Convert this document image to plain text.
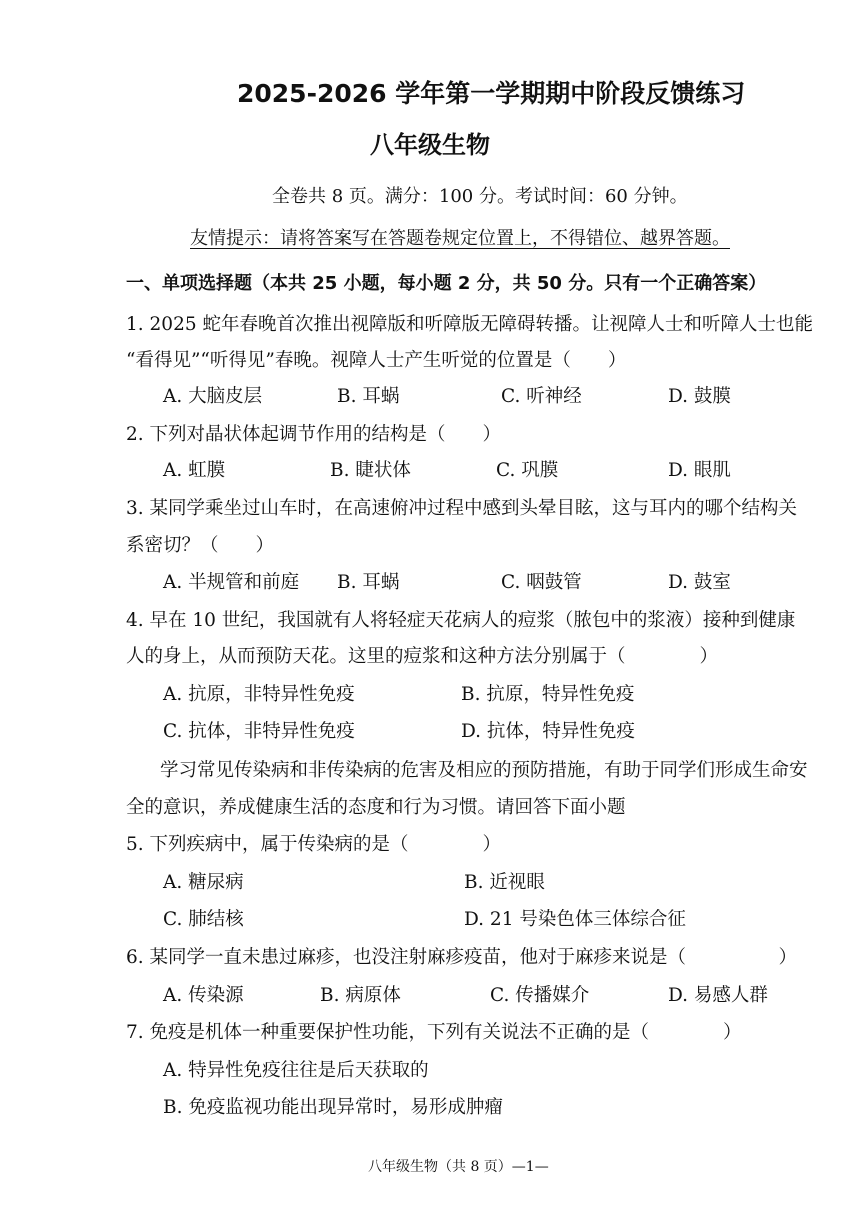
2025-2026 学年第一学期期中阶段反馈练习
八年级生物
全卷共 8 页。满分：100 分。考试时间：60 分钟。
友情提示：请将答案写在答题卷规定位置上，不得错位、越界答题。
一、单项选择题（本共 25 小题，每小题 2 分，共 50 分。只有一个正确答案）
1. 2025 蛇年春晚首次推出视障版和听障版无障碍转播。让视障人士和听障人士也能
“看得见”“听得见”春晚。视障人士产生听觉的位置是（　　）
A. 大脑皮层	B. 耳蜗	C. 听神经	D. 鼓膜
2. 下列对晶状体起调节作用的结构是（　　）
A. 虹膜	B. 睫状体	C. 巩膜	D. 眼肌
3. 某同学乘坐过山车时，在高速俯冲过程中感到头晕目眩，这与耳内的哪个结构关
系密切？（　　）
A. 半规管和前庭 B. 耳蜗	C. 咽鼓管	D. 鼓室
4. 早在 10 世纪，我国就有人将轻症天花病人的痘浆（脓包中的浆液）接种到健康
人的身上，从而预防天花。这里的痘浆和这种方法分别属于（　　　　）
A. 抗原，非特异性免疫	B. 抗原，特异性免疫
C. 抗体，非特异性免疫	D. 抗体，特异性免疫
学习常见传染病和非传染病的危害及相应的预防措施，有助于同学们形成生命安
全的意识，养成健康生活的态度和行为习惯。请回答下面小题
5. 下列疾病中，属于传染病的是（　　　　）
A. 糖尿病	B. 近视眼
C. 肺结核	D. 21 号染色体三体综合征
6. 某同学一直未患过麻疹，也没注射麻疹疫苗，他对于麻疹来说是（　　　　　）
A. 传染源	B. 病原体	C. 传播媒介	D. 易感人群
7. 免疫是机体一种重要保护性功能，下列有关说法不正确的是（　　　　）
A. 特异性免疫往往是后天获取的
B. 免疫监视功能出现异常时，易形成肿瘤
八年级生物（共 8 页）—1—
